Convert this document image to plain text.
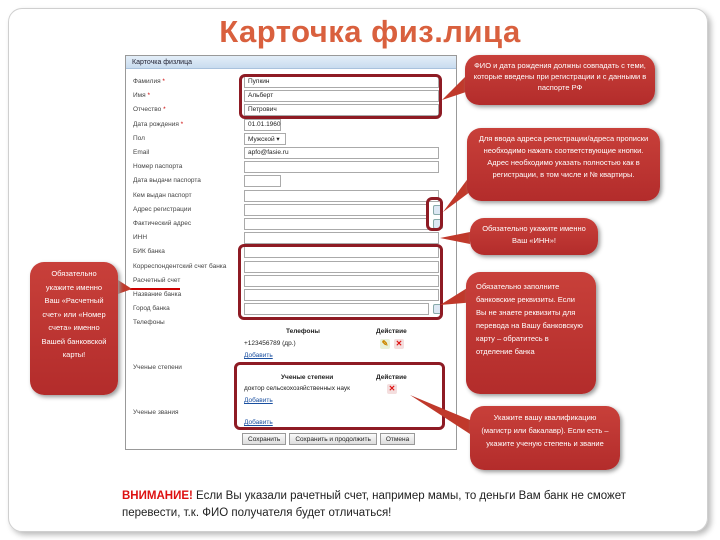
Карточка физ.лица
Карточка физлица
Фамилия *	Пупкин
Имя *	Альберт
Отчество *	Петрович
Дата рождения *	01.01.1960
Пол	Мужской ▾
Email	apfo@fasie.ru
Номер паспорта
Дата выдачи паспорта
Кем выдан паспорт
Адрес регистрации
Фактический адрес
ИНН
БИК банка
Корреспондентский счет банка
Расчетный счет
Название банка
Город банка
Телефоны
Телефоны	Действие
+123456789 (др.)	✎ ✕
Добавить
Ученые степени
Ученые степени	Действие
доктор сельскохозяйственных наук	✕
Добавить
Ученые звания
Добавить
Сохранить	Сохранить и продолжить	Отмена
ФИО и дата рождения должны совпадать с теми, которые введены при регистрации и с данными в паспорте РФ
Для ввода адреса регистрации/адреса прописки необходимо нажать соответствующие кнопки. Адрес необходимо указать полностью как в регистрации, в том числе и № квартиры.
Обязательно укажите именно Ваш «ИНН»!
Обязательно заполните банковские реквизиты. Если Вы не знаете реквизиты для перевода на Вашу банковскую карту – обратитесь в отделение банка
Укажите вашу квалификацию (магистр или бакалавр). Если есть – укажите ученую степень и звание
Обязательно укажите именно Ваш «Расчетный счет» или «Номер счета» именно Вашей банковской карты!
ВНИМАНИЕ! Если Вы указали рачетный счет, например мамы, то деньги Вам банк не сможет перевести, т.к. ФИО получателя будет отличаться!
